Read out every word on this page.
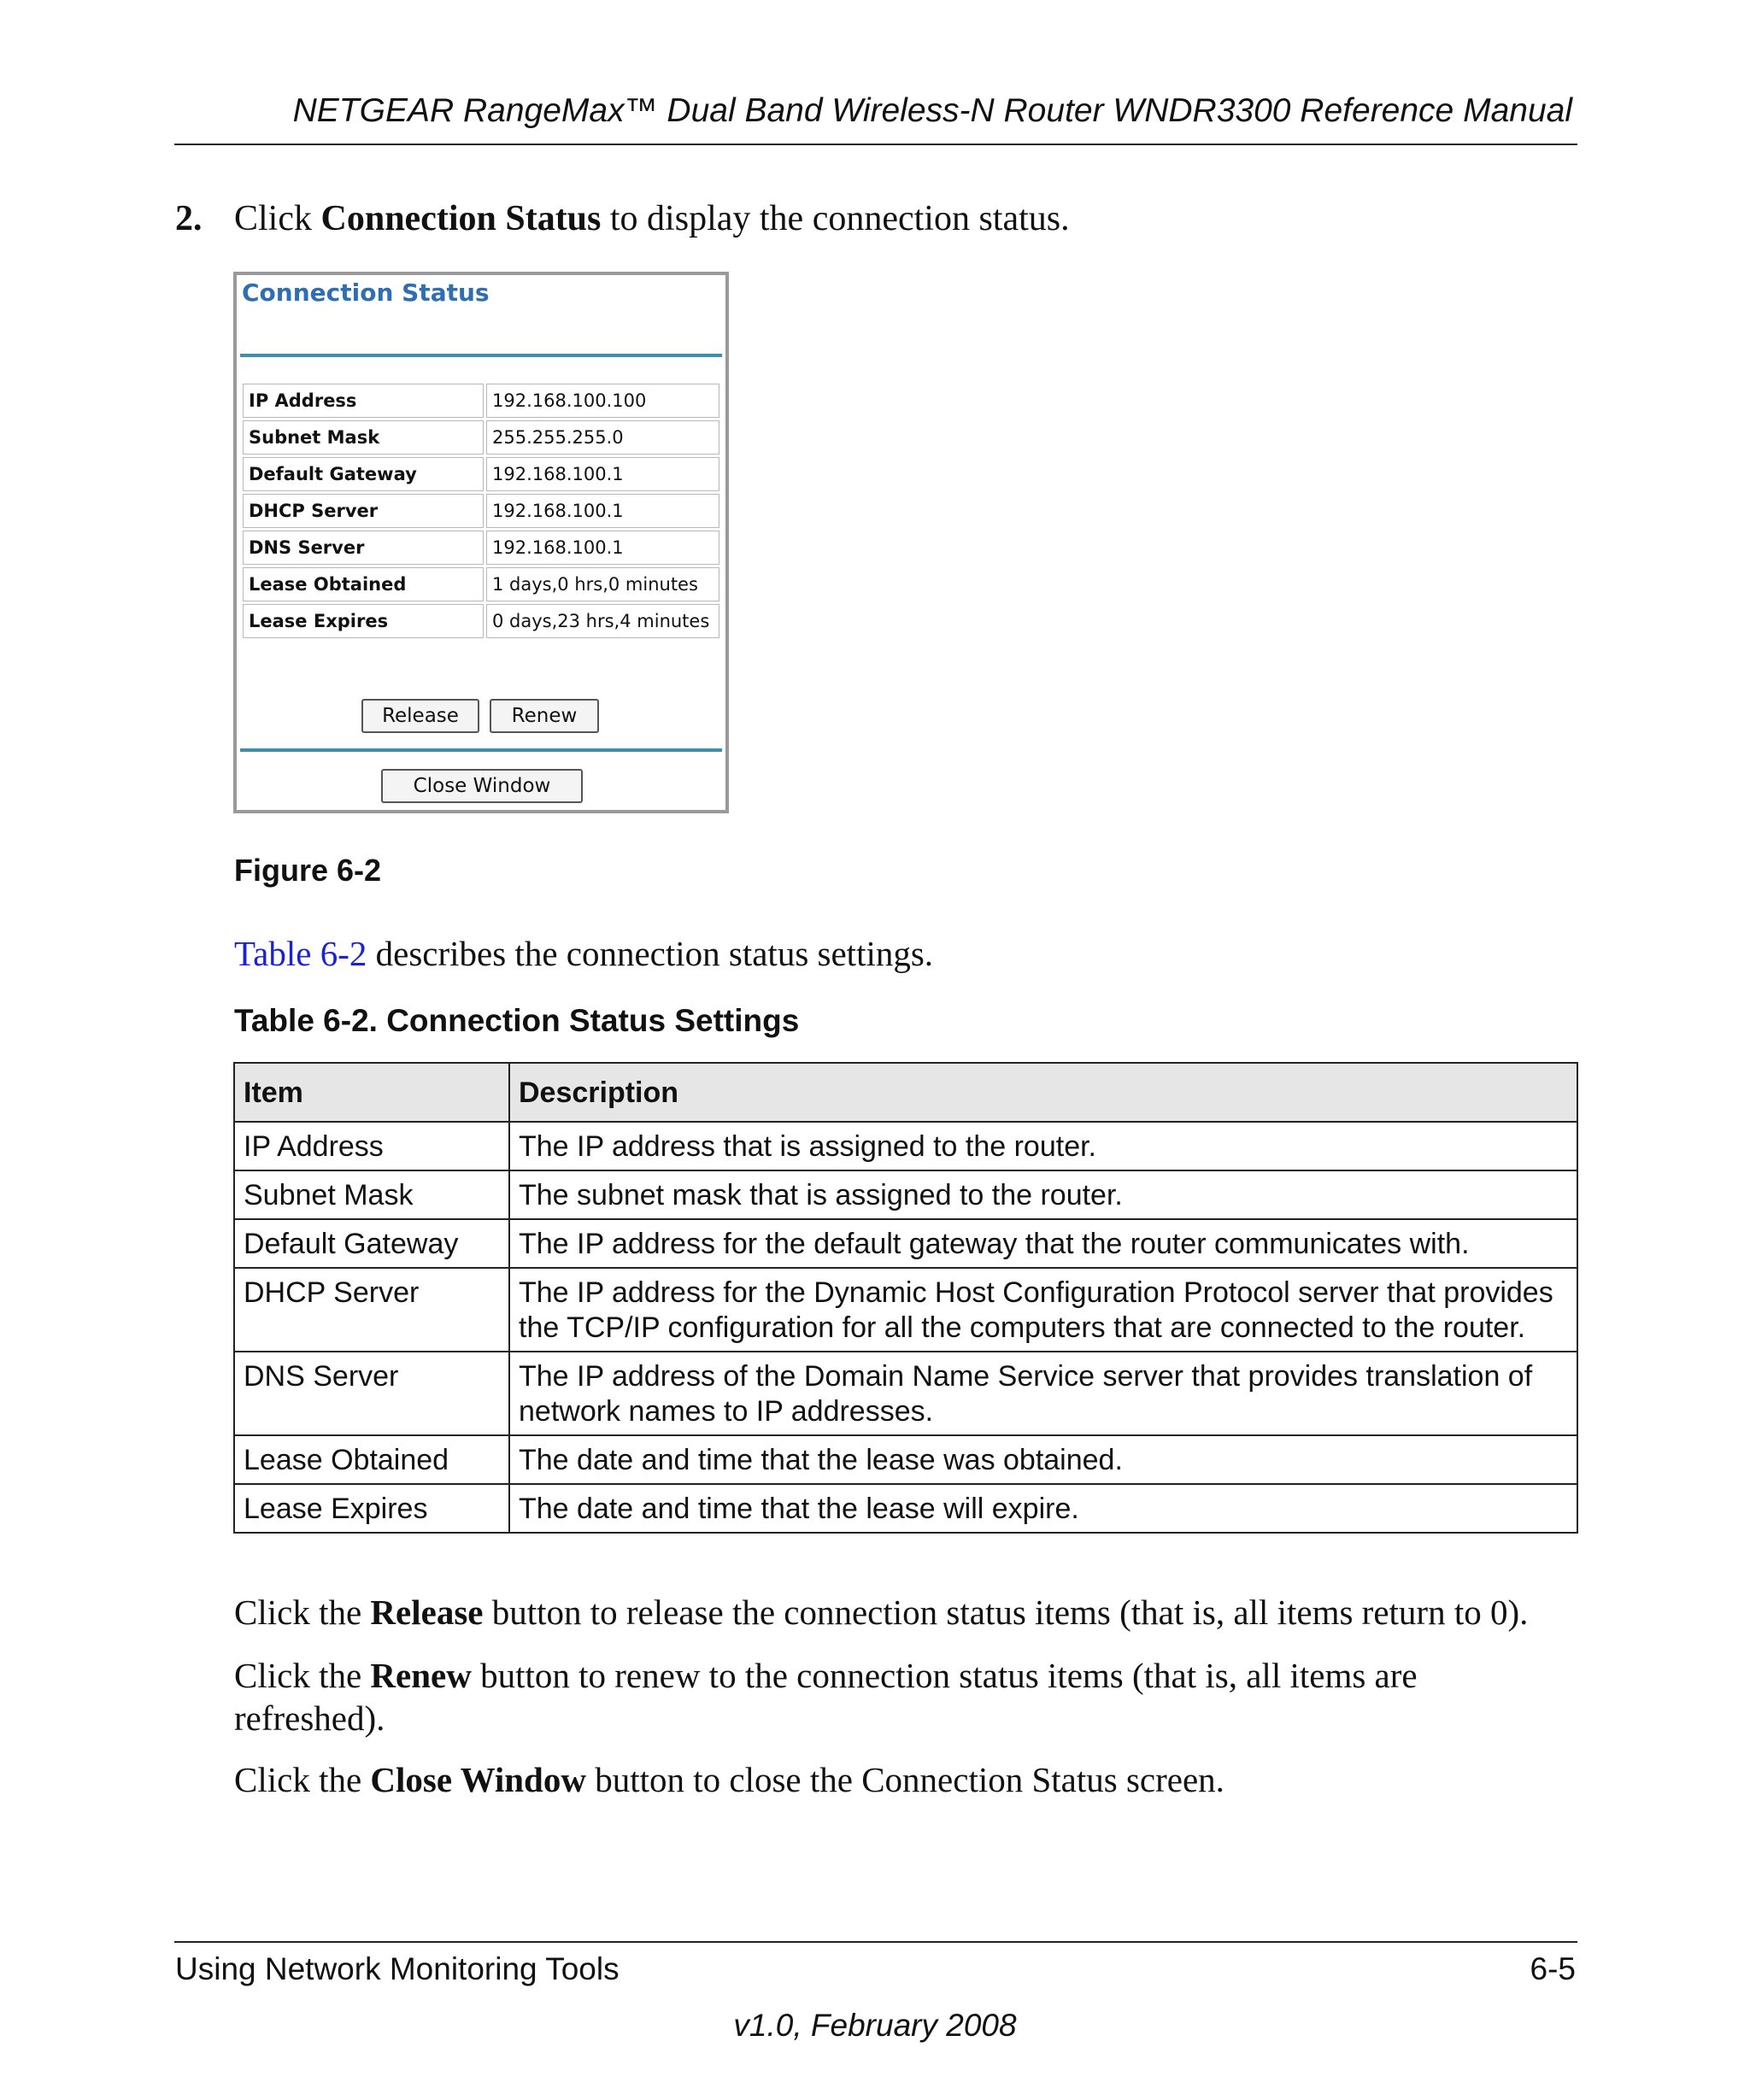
NETGEAR RangeMax™ Dual Band Wireless-N Router WNDR3300 Reference Manual
2. Click Connection Status to display the connection status.
Connection Status
IP Address	192.168.100.100
Subnet Mask	255.255.255.0
Default Gateway	192.168.100.1
DHCP Server	192.168.100.1
DNS Server	192.168.100.1
Lease Obtained	1 days,0 hrs,0 minutes
Lease Expires	0 days,23 hrs,4 minutes
Release	Renew
Close Window
Figure 6-2
Table 6-2 describes the connection status settings.
Table 6-2. Connection Status Settings
Item	Description
IP Address	The IP address that is assigned to the router.
Subnet Mask	The subnet mask that is assigned to the router.
Default Gateway	The IP address for the default gateway that the router communicates with.
DHCP Server	The IP address for the Dynamic Host Configuration Protocol server that provides the TCP/IP configuration for all the computers that are connected to the router.
DNS Server	The IP address of the Domain Name Service server that provides translation of network names to IP addresses.
Lease Obtained	The date and time that the lease was obtained.
Lease Expires	The date and time that the lease will expire.
Click the Release button to release the connection status items (that is, all items return to 0).
Click the Renew button to renew to the connection status items (that is, all items are refreshed).
Click the Close Window button to close the Connection Status screen.
Using Network Monitoring Tools	6-5
v1.0, February 2008
